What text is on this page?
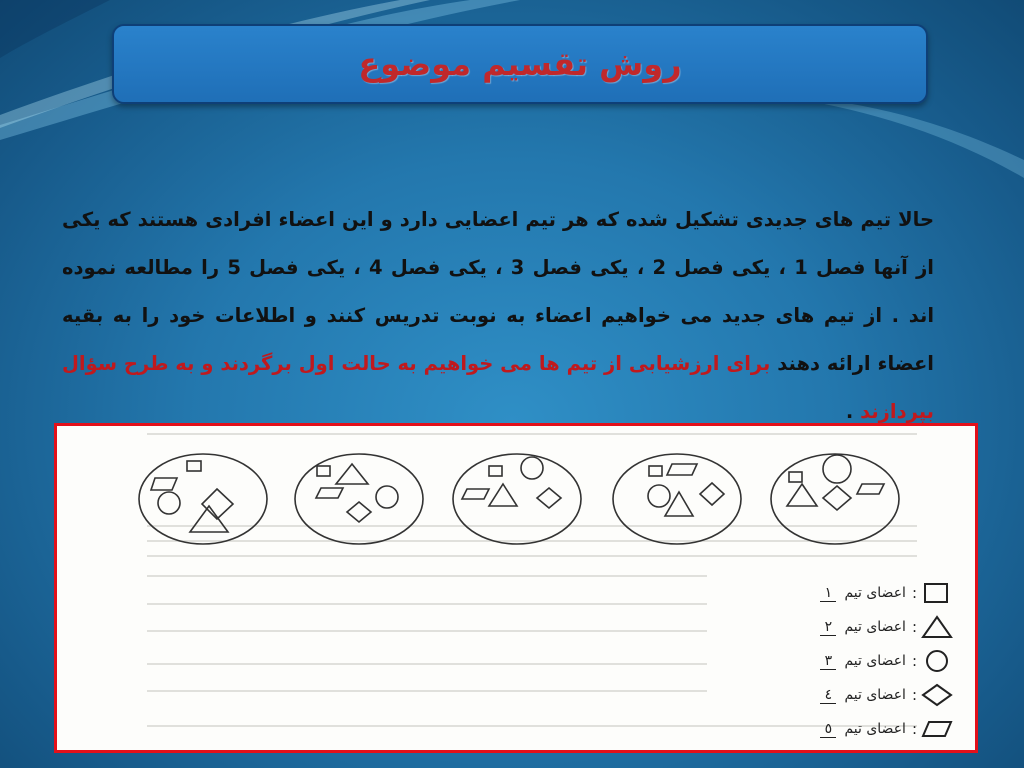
روش تقسیم موضوع
حالا تیم های جدیدی تشکیل شده که هر تیم اعضایی دارد و این اعضاء افرادی هستند که یکی از آنها فصل 1 ، یکی فصل 2 ، یکی فصل 3 ، یکی فصل 4 ، یکی فصل 5 را مطالعه نموده اند . از تیم های جدید می خواهیم اعضاء به نوبت تدریس کنند و اطلاعات خود را به بقیه اعضاء ارائه دهند برای ارزشیابی از تیم ها می خواهیم به حالت اول برگردند و به طرح سؤال بپردازند .
١ اعضای تیم :
٢ اعضای تیم :
٣ اعضای تیم :
٤ اعضای تیم :
٥ اعضای تیم :
